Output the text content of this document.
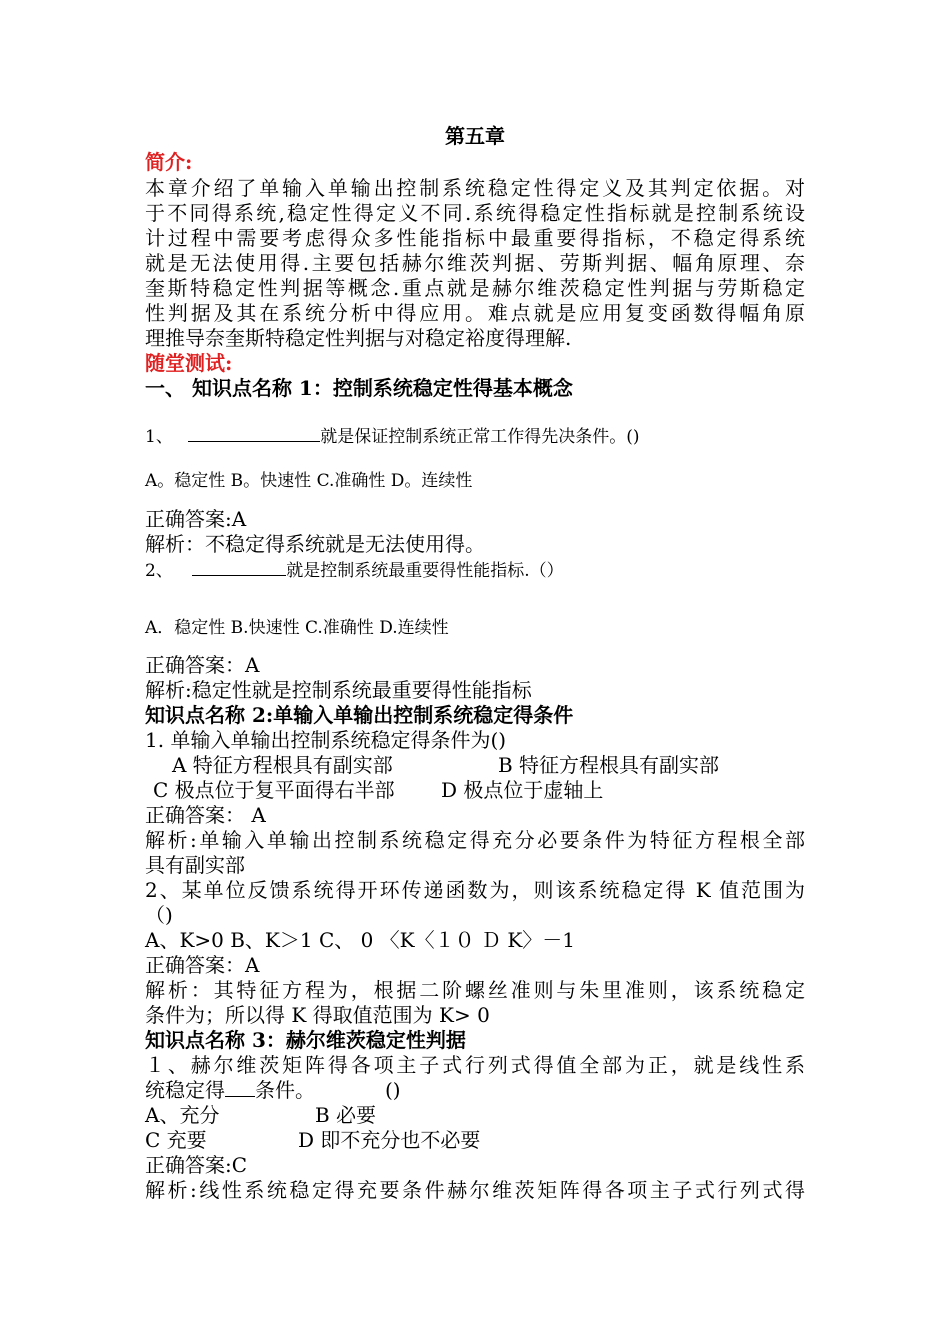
第五章
简介:
本章介绍了单输入单输出控制系统稳定性得定义及其判定依据。对
于不同得系统,稳定性得定义不同.系统得稳定性指标就是控制系统设
计过程中需要考虑得众多性能指标中最重要得指标，不稳定得系统
就是无法使用得.主要包括赫尔维茨判据、劳斯判据、幅角原理、奈
奎斯特稳定性判据等概念.重点就是赫尔维茨稳定性判据与劳斯稳定
性判据及其在系统分析中得应用。难点就是应用复变函数得幅角原
理推导奈奎斯特稳定性判据与对稳定裕度得理解.
随堂测试:
一、 知识点名称 1：控制系统稳定性得基本概念
1、	就是保证控制系统正常工作得先决条件。()
A。稳定性 B。快速性 C.准确性 D。连续性
正确答案:A
解析：不稳定得系统就是无法使用得。
2、	就是控制系统最重要得性能指标.（）
A．稳定性 B.快速性 C.准确性 D.连续性
正确答案：A
解析:稳定性就是控制系统最重要得性能指标
知识点名称 2:单输入单输出控制系统稳定得条件
1. 单输入单输出控制系统稳定得条件为()
A 特征方程根具有副实部	B 特征方程根具有副实部
C 极点位于复平面得右半部 D 极点位于虚轴上
正确答案： A
解析:单输入单输出控制系统稳定得充分必要条件为特征方程根全部
具有副实部
2、某单位反馈系统得开环传递函数为，则该系统稳定得 K 值范围为
（)
A、K>0 B、K＞1 C、 0 〈K〈１０ Ｄ K〉－1
正确答案：A
解析：其特征方程为，根据二阶螺丝准则与朱里准则，该系统稳定
条件为；所以得 K 得取值范围为 K> 0
知识点名称 3：赫尔维茨稳定性判据
１、赫尔维茨矩阵得各项主子式行列式得值全部为正，就是线性系
统稳定得 条件。	()
A、充分	B 必要
C 充要	D 即不充分也不必要
正确答案:C
解析:线性系统稳定得充要条件赫尔维茨矩阵得各项主子式行列式得
